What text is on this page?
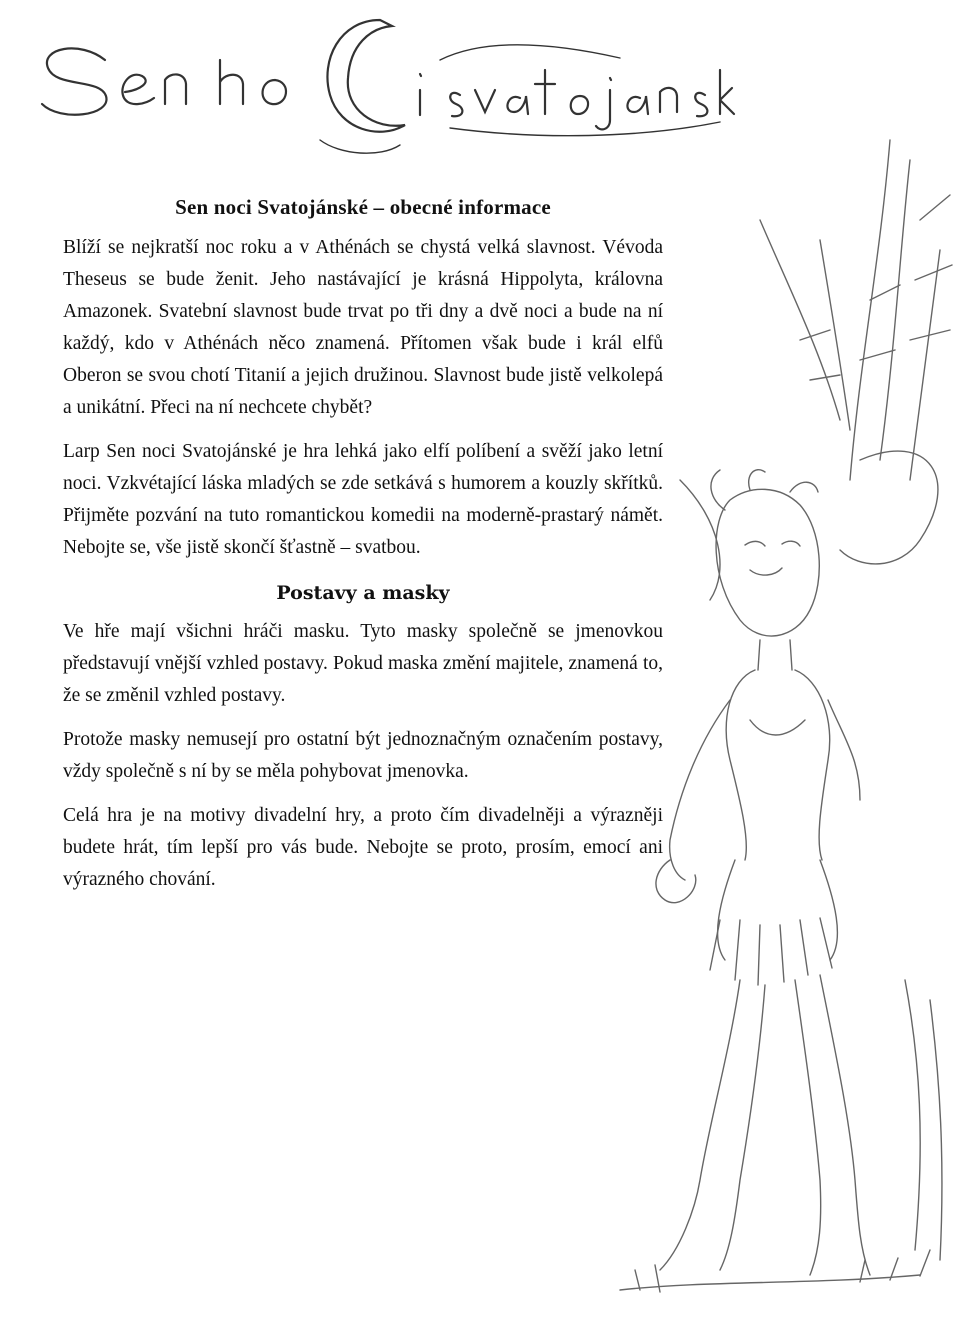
Sen noci Svatojánské – obecné informace

Blíží se nejkratší noc roku a v Athénách se chystá velká slavnost. Vévoda Theseus se bude ženit. Jeho nastávající je krásná Hippolyta, královna Amazonek. Svatební slavnost bude trvat po tři dny a dvě noci a bude na ní každý, kdo v Athénách něco znamená. Přítomen však bude i král elfů Oberon se svou chotí Titanií a jejich družinou. Slavnost bude jistě velkolepá a unikátní. Přeci na ní nechcete chybět?

Larp Sen noci Svatojánské je hra lehká jako elfí políbení a svěží jako letní noci. Vzkvétající láska mladých se zde setkává s humorem a kouzly skřítků. Přijměte pozvání na tuto romantickou komedii na moderně-prastarý námět. Nebojte se, vše jistě skončí šťastně – svatbou.

Postavy a masky

Ve hře mají všichni hráči masku. Tyto masky společně se jmenovkou představují vnější vzhled postavy. Pokud maska změní majitele, znamená to, že se změnil vzhled postavy.

Protože masky nemusejí pro ostatní být jednoznačným označením postavy, vždy společně s ní by se měla pohybovat jmenovka.

Celá hra je na motivy divadelní hry, a proto čím divadelněji a výrazněji budete hrát, tím lepší pro vás bude. Nebojte se proto, prosím, emocí ani výrazného chování.
